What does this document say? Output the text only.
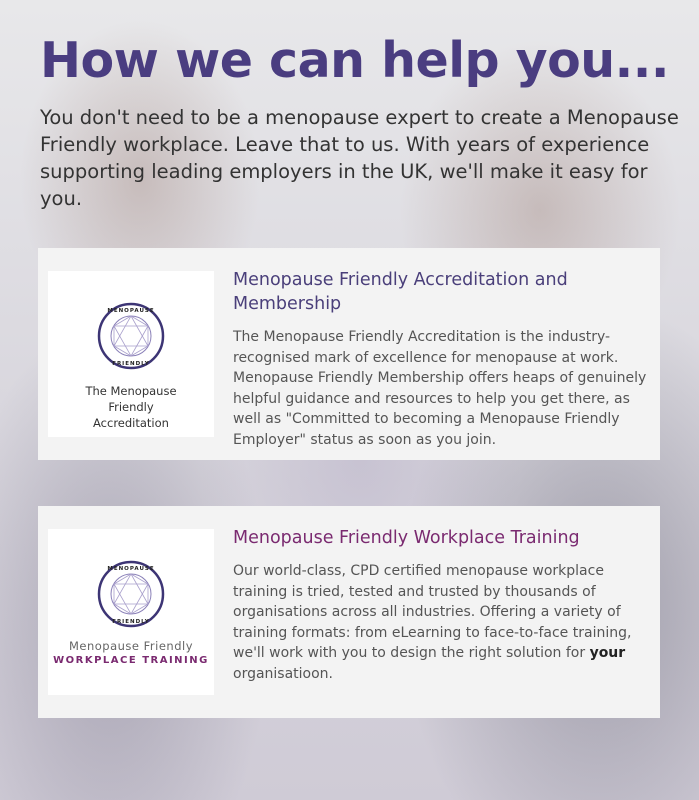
How we can help you...

You don't need to be a menopause expert to create a Menopause Friendly workplace. Leave that to us. With years of experience supporting leading employers in the UK, we'll make it easy for you.

MENOPAUSE
FRIENDLY
The Menopause Friendly Accreditation
Menopause Friendly Accreditation and Membership

The Menopause Friendly Accreditation is the industry-recognised mark of excellence for menopause at work. Menopause Friendly Membership offers heaps of genuinely helpful guidance and resources to help you get there, as well as "Committed to becoming a Menopause Friendly Employer" status as soon as you join.

MENOPAUSE
FRIENDLY
Menopause Friendly
WORKPLACE TRAINING
Menopause Friendly Workplace Training

Our world-class, CPD certified menopause workplace training is tried, tested and trusted by thousands of organisations across all industries. Offering a variety of training formats: from eLearning to face-to-face training, we'll work with you to design the right solution for your organisatioon.
